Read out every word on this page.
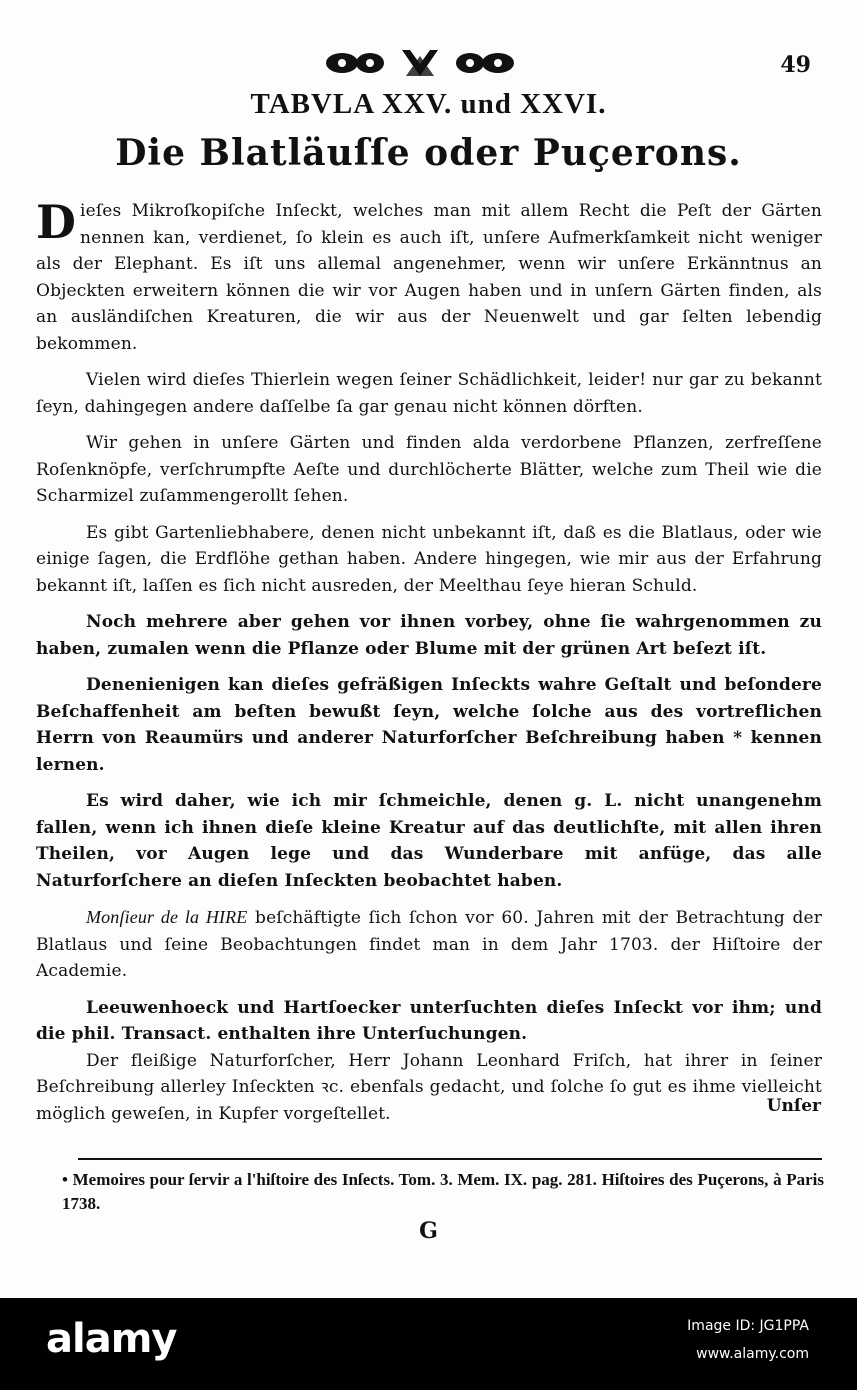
49
TABVLA XXV. und XXVI.
Die Blatläuſſe oder Puçerons.

Dieſes Mikroſkopiſche Inſeckt, welches man mit allem Recht die Peſt der Gärten nennen kan, verdienet, ſo klein es auch iſt, unſere Aufmerkſamkeit nicht weniger als der Elephant. Es iſt uns allemal angenehmer, wenn wir unſere Erkänntnus an Objeckten erweitern können die wir vor Augen haben und in unſern Gärten finden, als an ausländiſchen Kreaturen, die wir aus der Neuenwelt und gar ſelten lebendig bekommen.

Vielen wird dieſes Thierlein wegen ſeiner Schädlichkeit, leider! nur gar zu bekannt ſeyn, dahingegen andere daſſelbe ſa gar genau nicht können dörften.

Wir gehen in unſere Gärten und finden alda verdorbene Pflanzen, zerfreſſene Roſenknöpfe, verſchrumpfte Aeſte und durchlöcherte Blätter, welche zum Theil wie die Scharmizel zuſammengerollt ſehen.

Es gibt Gartenliebhabere, denen nicht unbekannt iſt, daß es die Blatlaus, oder wie einige ſagen, die Erdflöhe gethan haben. Andere hingegen, wie mir aus der Erfahrung bekannt iſt, laſſen es ſich nicht ausreden, der Meelthau ſeye hieran Schuld.

Noch mehrere aber gehen vor ihnen vorbey, ohne ſie wahrgenommen zu haben, zumalen wenn die Pflanze oder Blume mit der grünen Art beſezt iſt.

Denenienigen kan dieſes gefräßigen Inſeckts wahre Geſtalt und beſondere Beſchaffenheit am beſten bewußt ſeyn, welche ſolche aus des vortreflichen Herrn von Reaumürs und anderer Naturforſcher Beſchreibung haben * kennen lernen.

Es wird daher, wie ich mir ſchmeichle, denen g. L. nicht unangenehm fallen, wenn ich ihnen dieſe kleine Kreatur auf das deutlichſte, mit allen ihren Theilen, vor Augen lege und das Wunderbare mit anfüge, das alle Naturforſchere an dieſen Inſeckten beobachtet haben.

Monſieur de la HIRE beſchäftigte ſich ſchon vor 60. Jahren mit der Betrachtung der Blatlaus und ſeine Beobachtungen findet man in dem Jahr 1703. der Hiſtoire der Academie.

Leeuwenhoeck und Hartſoecker unterſuchten dieſes Inſeckt vor ihm; und die phil. Transact. enthalten ihre Unterſuchungen.

Der fleißige Naturforſcher, Herr Johann Leonhard Friſch, hat ihrer in ſeiner Beſchreibung allerley Inſeckten ꝛc. ebenfals gedacht, und ſolche ſo gut es ihme vielleicht möglich geweſen, in Kupfer vorgeſtellet.	Unſer
• Memoires pour ſervir a l'hiſtoire des Inſects. Tom. 3. Mem. IX. pag. 281. Hiſtoires des Puçerons, à Paris 1738.
G
alamy	Image ID: JG1PPA
www.alamy.com
